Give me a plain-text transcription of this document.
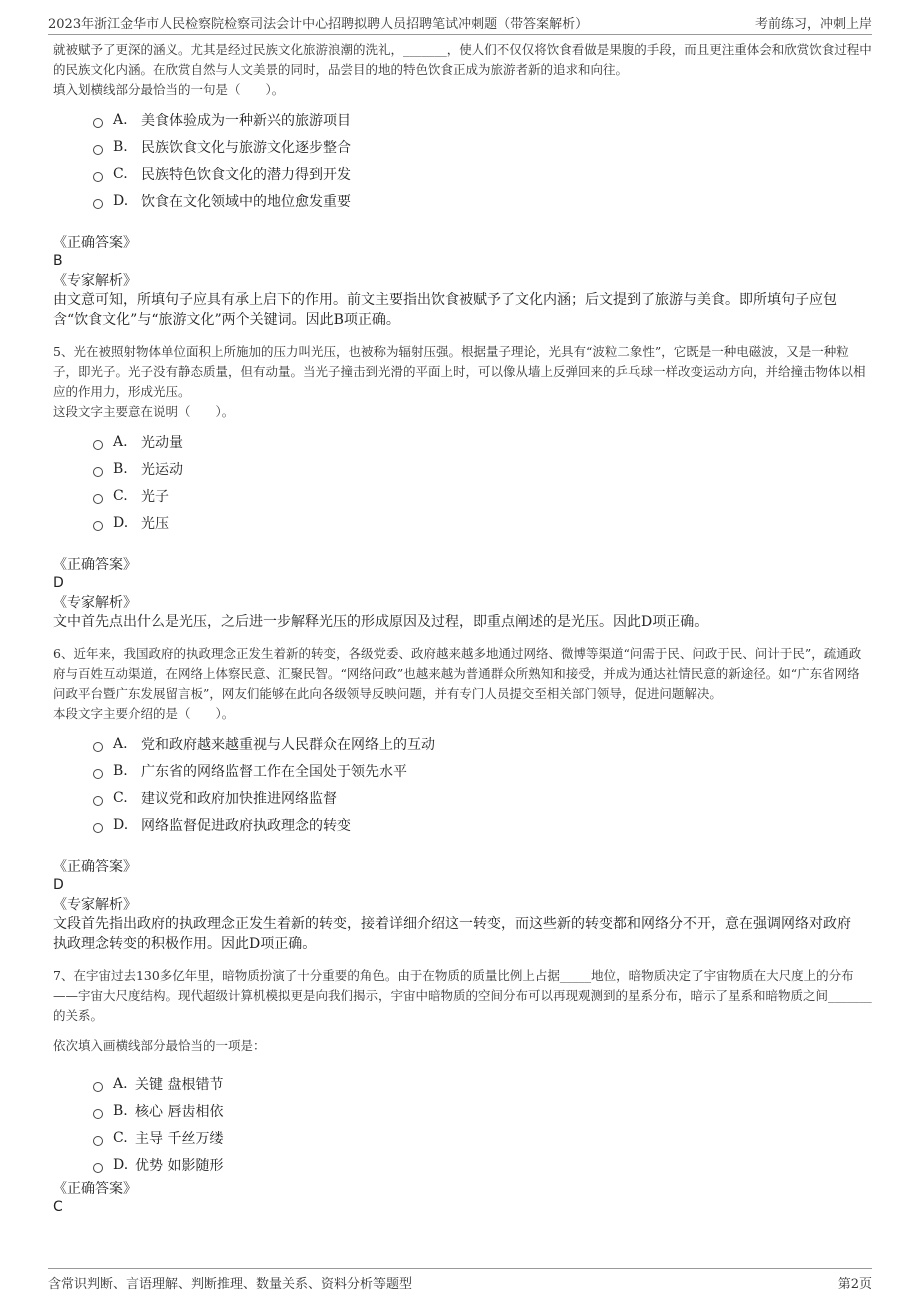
2023年浙江金华市人民检察院检察司法会计中心招聘拟聘人员招聘笔试冲刺题（带答案解析）	考前练习，冲刺上岸

就被赋予了更深的涵义。尤其是经过民族文化旅游浪潮的洗礼，_______，使人们不仅仅将饮食看做是果腹的手段，而且更注重体会和欣赏饮食过程中的民族文化内涵。在欣赏自然与人文美景的同时，品尝目的地的特色饮食正成为旅游者新的追求和向往。

填入划横线部分最恰当的一句是（　　）。

A. 美食体验成为一种新兴的旅游项目
B. 民族饮食文化与旅游文化逐步整合
C. 民族特色饮食文化的潜力得到开发
D. 饮食在文化领域中的地位愈发重要
《正确答案》
B
《专家解析》

由文意可知，所填句子应具有承上启下的作用。前文主要指出饮食被赋予了文化内涵；后文提到了旅游与美食。即所填句子应包含“饮食文化”与“旅游文化”两个关键词。因此B项正确。

5、光在被照射物体单位面积上所施加的压力叫光压，也被称为辐射压强。根据量子理论，光具有“波粒二象性”，它既是一种电磁波，又是一种粒子，即光子。光子没有静态质量，但有动量。当光子撞击到光滑的平面上时，可以像从墙上反弹回来的乒乓球一样改变运动方向，并给撞击物体以相应的作用力，形成光压。

这段文字主要意在说明（　　）。

A. 光动量
B. 光运动
C. 光子
D. 光压
《正确答案》
D
《专家解析》

文中首先点出什么是光压，之后进一步解释光压的形成原因及过程，即重点阐述的是光压。因此D项正确。

6、近年来，我国政府的执政理念正发生着新的转变，各级党委、政府越来越多地通过网络、微博等渠道“问需于民、问政于民、问计于民”，疏通政府与百姓互动渠道，在网络上体察民意、汇聚民智。“网络问政”也越来越为普通群众所熟知和接受，并成为通达社情民意的新途径。如“广东省网络问政平台暨广东发展留言板”，网友们能够在此向各级领导反映问题，并有专门人员提交至相关部门领导，促进问题解决。

本段文字主要介绍的是（　　）。

A. 党和政府越来越重视与人民群众在网络上的互动
B. 广东省的网络监督工作在全国处于领先水平
C. 建议党和政府加快推进网络监督
D. 网络监督促进政府执政理念的转变
《正确答案》
D
《专家解析》

文段首先指出政府的执政理念正发生着新的转变，接着详细介绍这一转变，而这些新的转变都和网络分不开，意在强调网络对政府执政理念转变的积极作用。因此D项正确。

7、在宇宙过去130多亿年里，暗物质扮演了十分重要的角色。由于在物质的质量比例上占据_____地位，暗物质决定了宇宙物质在大尺度上的分布——宇宙大尺度结构。现代超级计算机模拟更是向我们揭示，宇宙中暗物质的空间分布可以再现观测到的星系分布，暗示了星系和暗物质之间_______的关系。

依次填入画横线部分最恰当的一项是：

A. 关键 盘根错节
B. 核心 唇齿相依
C. 主导 千丝万缕
D. 优势 如影随形
《正确答案》
C
含常识判断、言语理解、判断推理、数量关系、资料分析等题型	第2页
